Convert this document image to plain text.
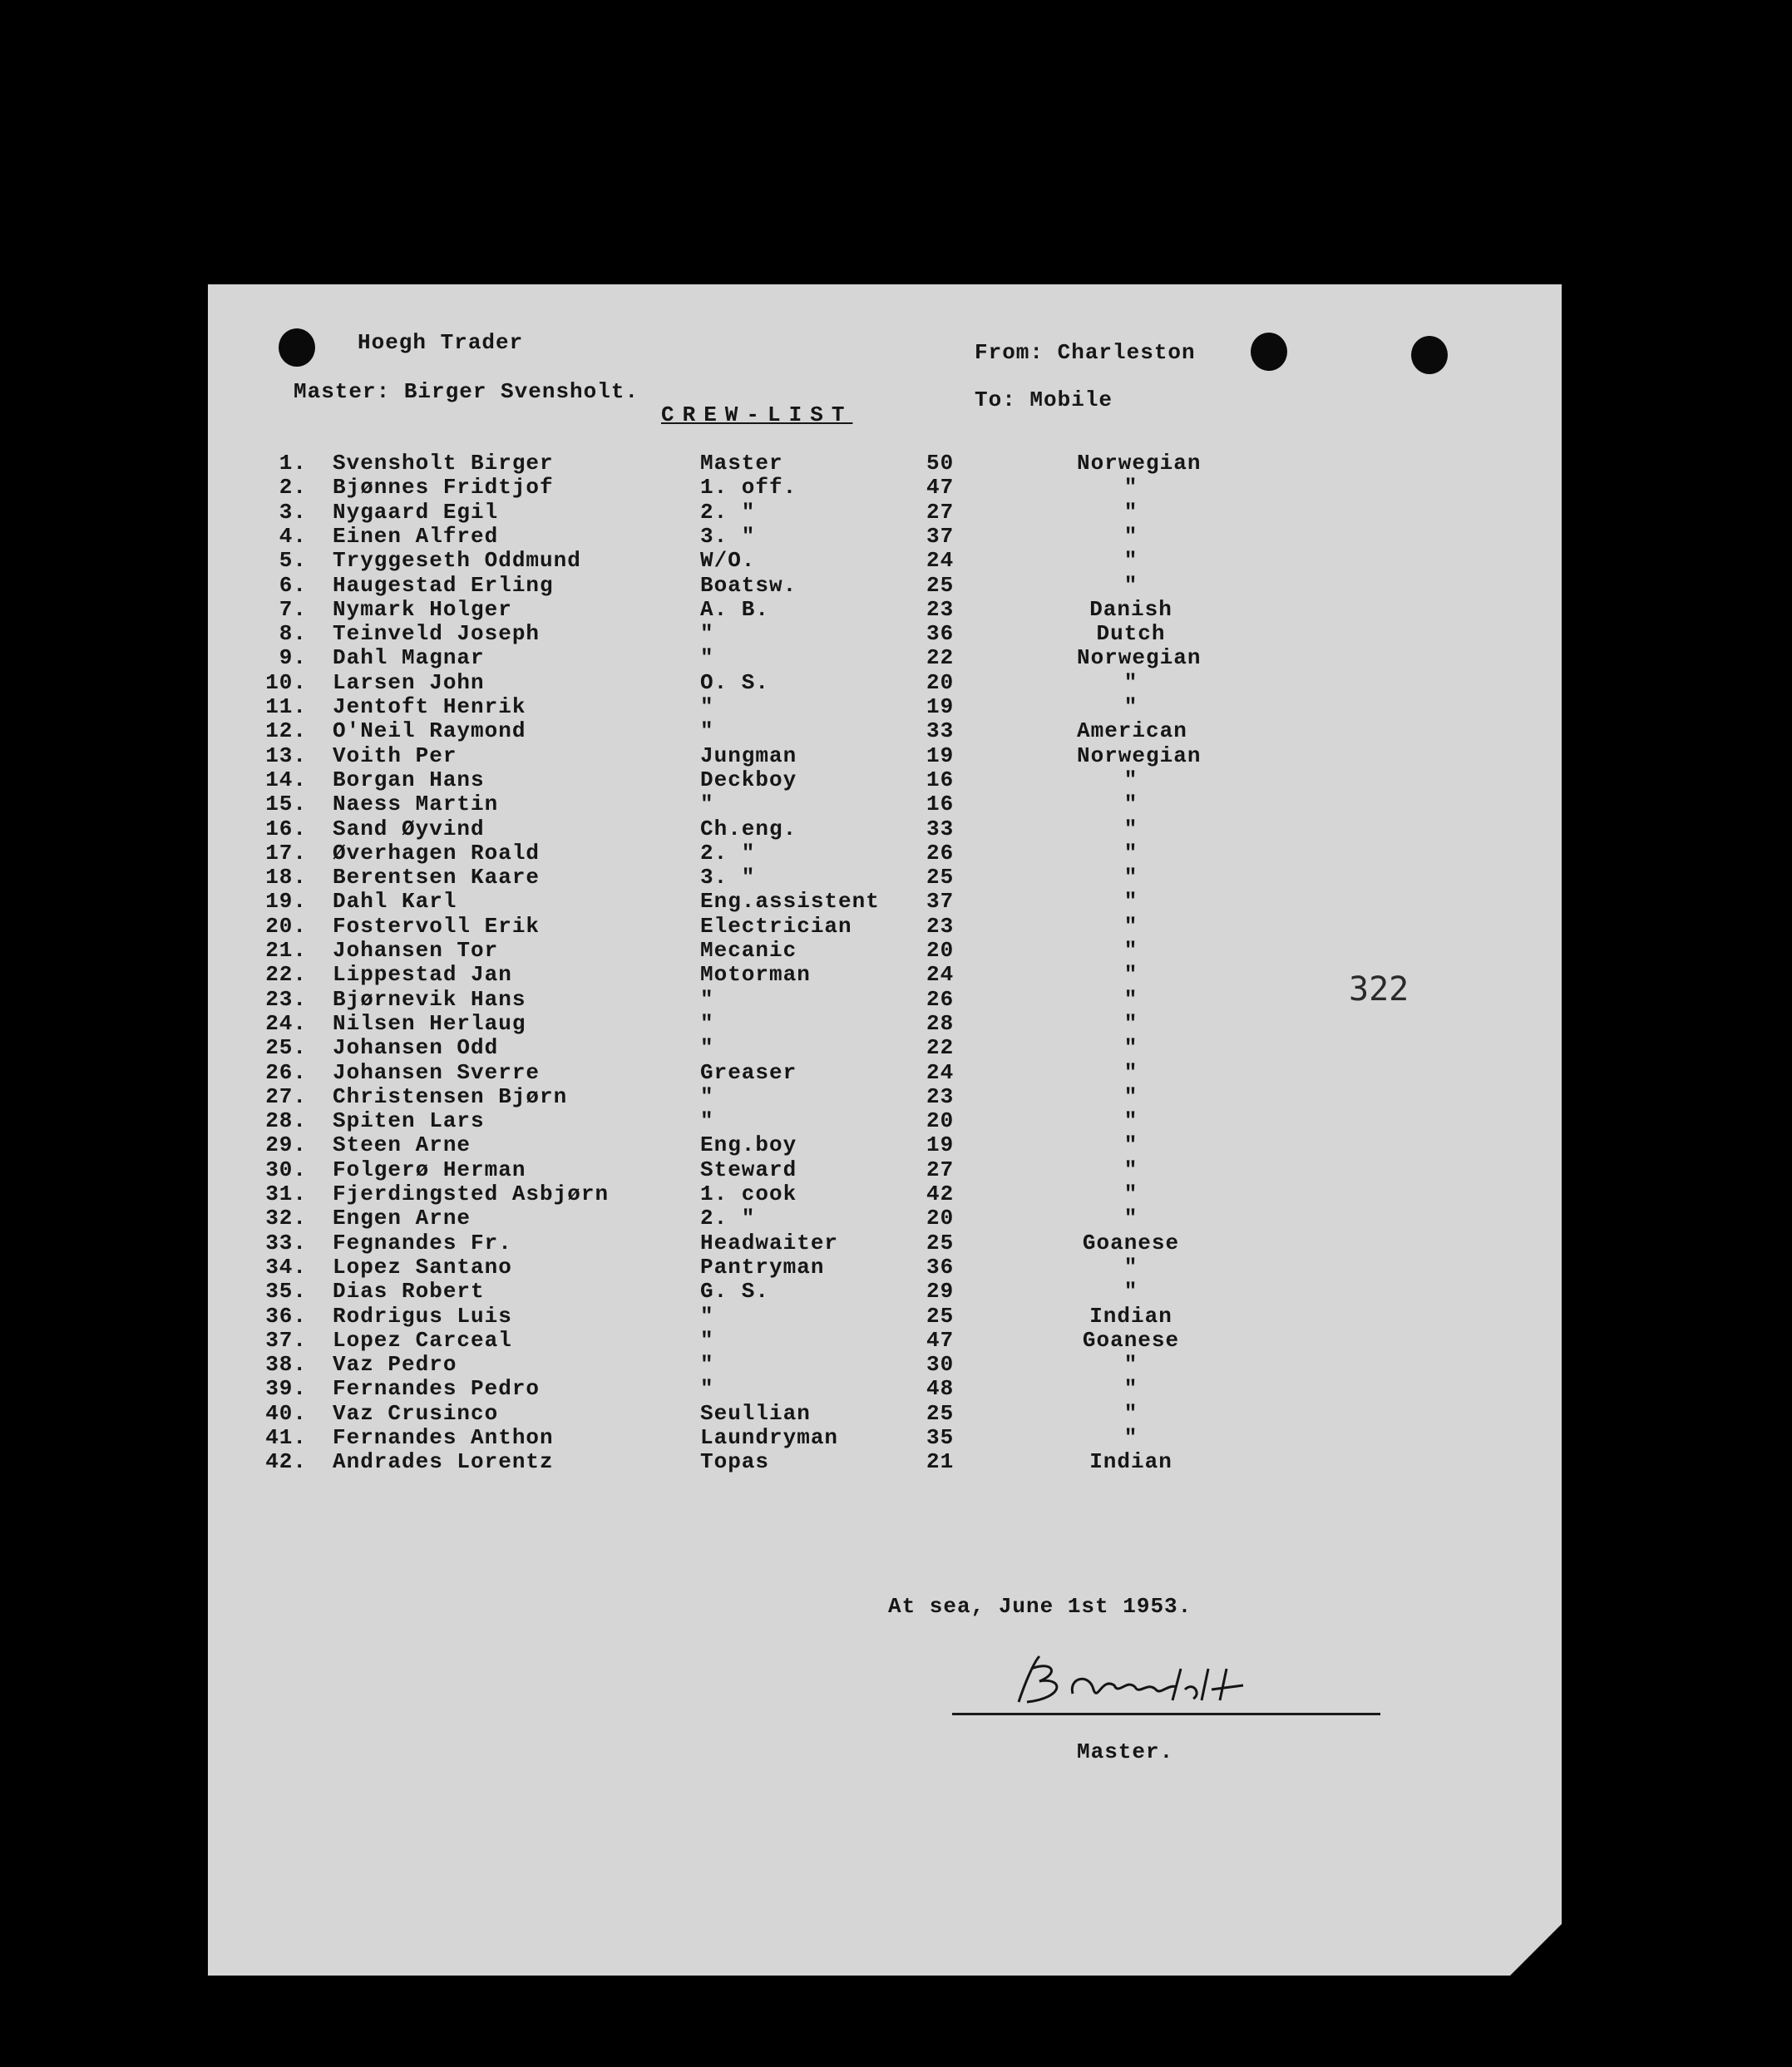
Hoegh Trader
Master: Birger Svensholt.
From: Charleston
To: Mobile
CREW-LIST
1. Svensholt Birger	Master	50	Norwegian
2. Bjønnes Fridtjof	1. off.	47	"
3. Nygaard Egil	2. "	27	"
4. Einen Alfred	3. "	37	"
5. Tryggeseth Oddmund	W/O.	24	"
6. Haugestad Erling	Boatsw.	25	"
7. Nymark Holger	A. B.	23	Danish
8. Teinveld Joseph	"	36	Dutch
9. Dahl Magnar	"	22	Norwegian
10. Larsen John	O. S.	20	"
11. Jentoft Henrik	"	19	"
12. O'Neil Raymond	"	33	American
13. Voith Per	Jungman	19	Norwegian
14. Borgan Hans	Deckboy	16	"
15. Naess Martin	"	16	"
16. Sand Øyvind	Ch.eng.	33	"
17. Øverhagen Roald	2. "	26	"
18. Berentsen Kaare	3. "	25	"
19. Dahl Karl	Eng.assistent 37	"
20. Fostervoll Erik	Electrician	23	"
21. Johansen Tor	Mecanic	20	"
22. Lippestad Jan	Motorman	24	"
23. Bjørnevik Hans	"	26	"
24. Nilsen Herlaug	"	28	"
25. Johansen Odd	"	22	"
26. Johansen Sverre	Greaser	24	"
27. Christensen Bjørn	"	23	"
28. Spiten Lars	"	20	"
29. Steen Arne	Eng.boy	19	"
30. Folgerø Herman	Steward	27	"
31. Fjerdingsted Asbjørn	1. cook	42	"
32. Engen Arne	2. "	20	"
33. Fegnandes Fr.	Headwaiter	25	Goanese
34. Lopez Santano	Pantryman	36	"
35. Dias Robert	G. S.	29	"
36. Rodrigus Luis	"	25	Indian
37. Lopez Carceal	"	47	Goanese
38. Vaz Pedro	"	30	"
39. Fernandes Pedro	"	48	"
40. Vaz Crusinco	Seullian	25	"
41. Fernandes Anthon	Laundryman	35	"
42. Andrades Lorentz	Topas	21	Indian
322
At sea, June 1st 1953.
Master.
